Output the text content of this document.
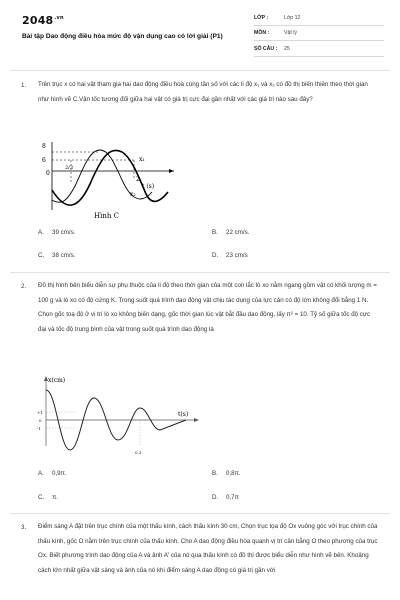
$2048^{.vn}$
Bài tập Dao động điều hòa mức độ vận dụng cao có lời giải (P1)
LỚP :	Lớp 12
MÔN :	Vật lý
SỐ CÂU : 25
1. Trên trục x có hai vật tham gia hai dao động điều hoà cùng tần số với các li độ x₁ và x₂ có đồ thị biến thiên theo thời gian như hình vẽ C.Vận tốc tương đối giữa hai vật có giá trị cực đại gần nhất với các giá trị nào sau đây?
8
6
0
2/3
2
t (s)
x₁
x₂
Hình C
A. 39 cm/s.	B. 22 cm/s.
C. 38 cm/s.	D. 23 cm/s
2. Đồ thị hình bên biểu diễn sự phụ thuộc của li độ theo thời gian của một con lắc lò xo nằm ngang gồm vật có khối lượng m = 100 g và lò xo có độ cứng K. Trong suốt quá trình dao động vật chịu tác dụng của lực cản có độ lớn không đổi bằng 1 N. Chọn gốc toạ độ ở vị trí lò xo không biến dạng, gốc thời gian lúc vật bắt đầu dao động, lấy π² = 10. Tỷ số giữa tốc độ cực đại và tốc độ trung bình của vật trong suốt quá trình dao động là
x(cm)
t(s)
+1
0
-1
0,3
A. 0,9π.	B. 0,8π.
C. π.	D. 0,7π
3. Điểm sáng A đặt trên trục chính của một thấu kính, cách thấu kính 30 cm, Chọn trục tọa độ Ox vuông góc với trục chính của thấu kính, gốc O nằm trên trục chính của thấu kính. Cho A dao động điều hòa quanh vị trí cân bằng O theo phương của trục Ox. Biết phương trình dao động của A và ảnh A' của nó qua thấu kính có đồ thị được biểu diễn như hình vẽ bên. Khoảng cách lớn nhất giữa vật sáng và ảnh của nó khi điểm sáng A dao động có giá trị gần với
